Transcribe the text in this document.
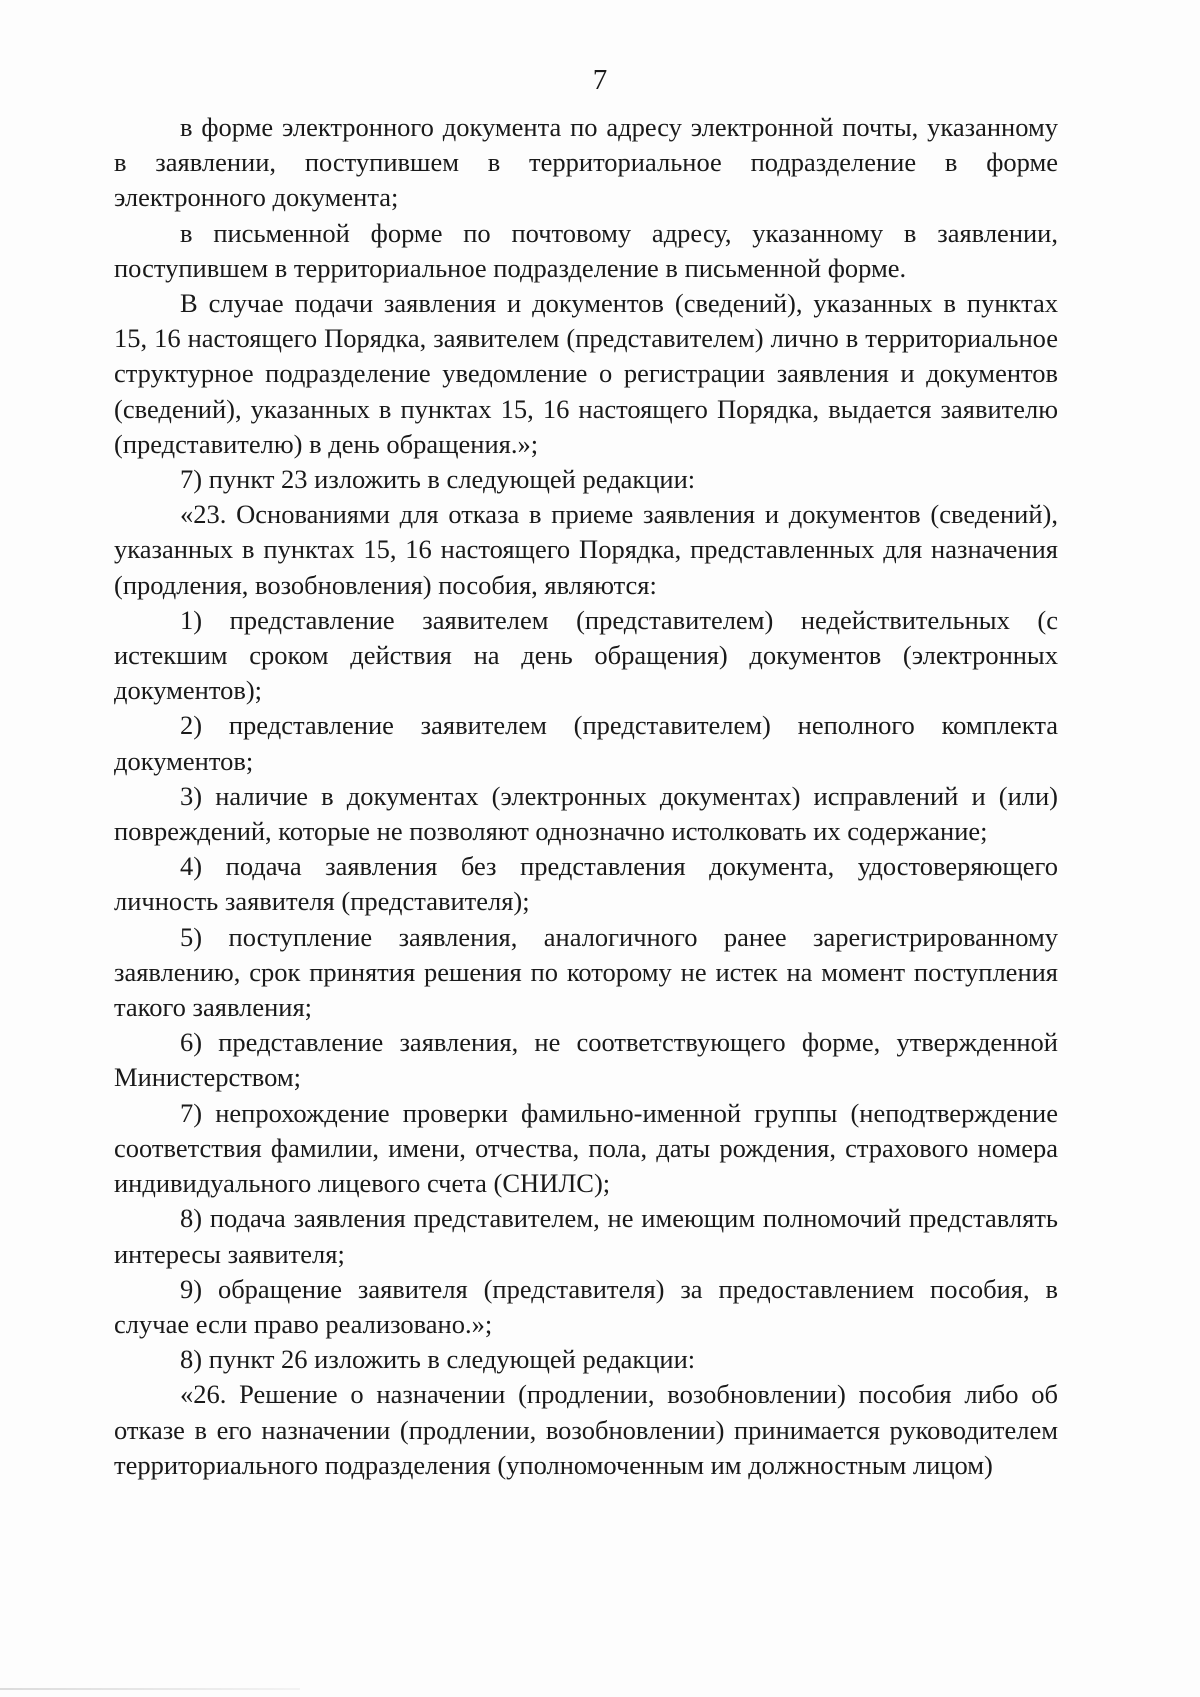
7

в форме электронного документа по адресу электронной почты, указанному в заявлении, поступившем в территориальное подразделение в форме электронного документа;

в письменной форме по почтовому адресу, указанному в заявлении, поступившем в территориальное подразделение в письменной форме.

В случае подачи заявления и документов (сведений), указанных в пунктах 15, 16 настоящего Порядка, заявителем (представителем) лично в территориальное структурное подразделение уведомление о регистрации заявления и документов (сведений), указанных в пунктах 15, 16 настоящего Порядка, выдается заявителю (представителю) в день обращения.»;

7) пункт 23 изложить в следующей редакции:

«23. Основаниями для отказа в приеме заявления и документов (сведений), указанных в пунктах 15, 16 настоящего Порядка, представленных для назначения (продления, возобновления) пособия, являются:

1) представление заявителем (представителем) недействительных (с истекшим сроком действия на день обращения) документов (электронных документов);

2) представление заявителем (представителем) неполного комплекта документов;

3) наличие в документах (электронных документах) исправлений и (или) повреждений, которые не позволяют однозначно истолковать их содержание;

4) подача заявления без представления документа, удостоверяющего личность заявителя (представителя);

5) поступление заявления, аналогичного ранее зарегистрированному заявлению, срок принятия решения по которому не истек на момент поступления такого заявления;

6) представление заявления, не соответствующего форме, утвержденной Министерством;

7) непрохождение проверки фамильно-именной группы (неподтверждение соответствия фамилии, имени, отчества, пола, даты рождения, страхового номера индивидуального лицевого счета (СНИЛС);

8) подача заявления представителем, не имеющим полномочий представлять интересы заявителя;

9) обращение заявителя (представителя) за предоставлением пособия, в случае если право реализовано.»;

8) пункт 26 изложить в следующей редакции:

«26. Решение о назначении (продлении, возобновлении) пособия либо об отказе в его назначении (продлении, возобновлении) принимается руководителем территориального подразделения (уполномоченным им должностным лицом)
